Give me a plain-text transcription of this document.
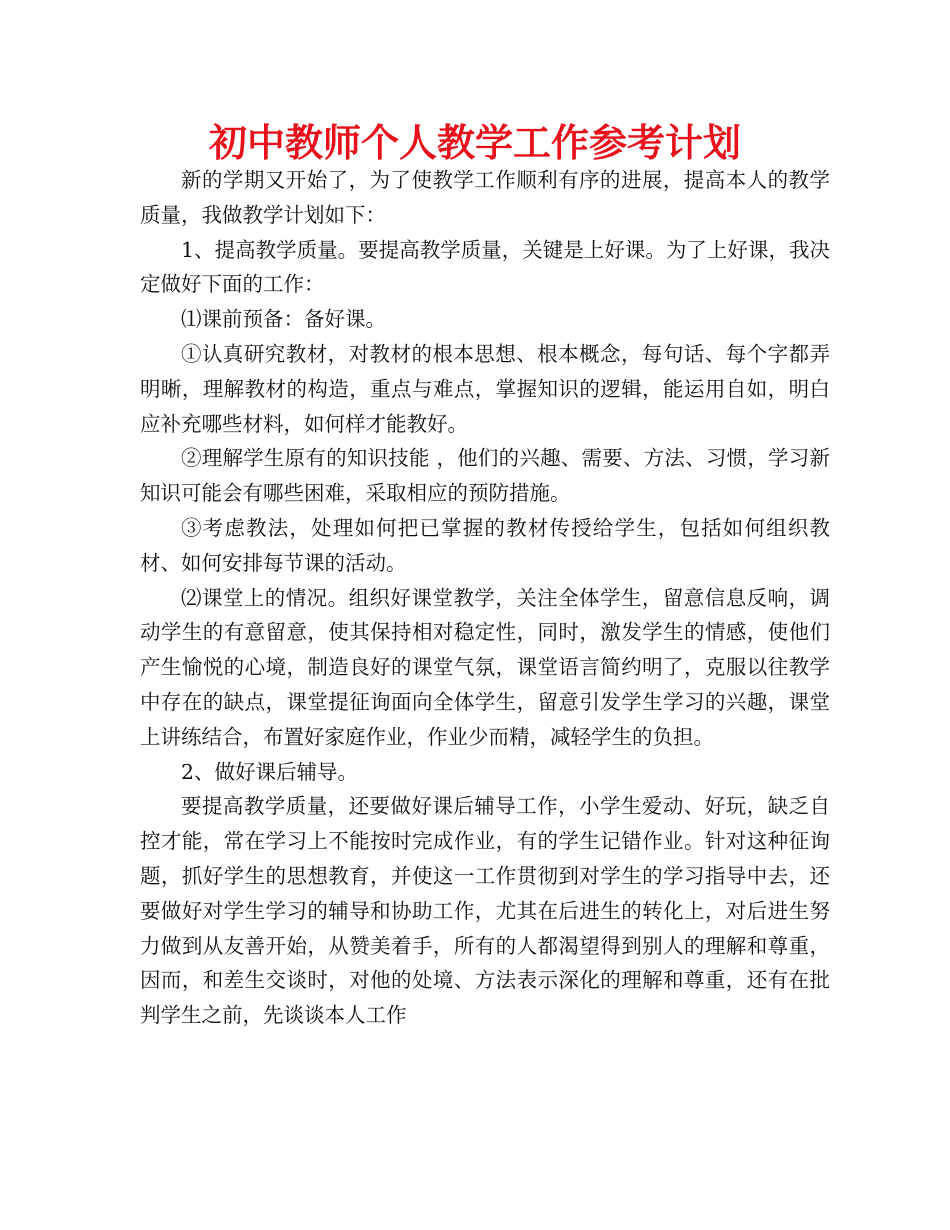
初中教师个人教学工作参考计划

新的学期又开始了，为了使教学工作顺利有序的进展，提高本人的教学质量，我做教学计划如下：

1、提高教学质量。要提高教学质量，关键是上好课。为了上好课，我决定做好下面的工作：

⑴课前预备：备好课。

①认真研究教材，对教材的根本思想、根本概念，每句话、每个字都弄明晰，理解教材的构造，重点与难点，掌握知识的逻辑，能运用自如，明白应补充哪些材料，如何样才能教好。

②理解学生原有的知识技能 ，他们的兴趣、需要、方法、习惯，学习新知识可能会有哪些困难，采取相应的预防措施。

③考虑教法，处理如何把已掌握的教材传授给学生，包括如何组织教材、如何安排每节课的活动。

⑵课堂上的情况。组织好课堂教学，关注全体学生，留意信息反响，调动学生的有意留意，使其保持相对稳定性，同时，激发学生的情感，使他们产生愉悦的心境，制造良好的课堂气氛，课堂语言简约明了，克服以往教学中存在的缺点，课堂提征询面向全体学生，留意引发学生学习的兴趣，课堂上讲练结合，布置好家庭作业，作业少而精，减轻学生的负担。

2、做好课后辅导。

要提高教学质量，还要做好课后辅导工作，小学生爱动、好玩，缺乏自控才能，常在学习上不能按时完成作业，有的学生记错作业。针对这种征询题，抓好学生的思想教育，并使这一工作贯彻到对学生的学习指导中去，还要做好对学生学习的辅导和协助工作，尤其在后进生的转化上，对后进生努力做到从友善开始，从赞美着手，所有的人都渴望得到别人的理解和尊重，因而，和差生交谈时，对他的处境、方法表示深化的理解和尊重，还有在批判学生之前，先谈谈本人工作
